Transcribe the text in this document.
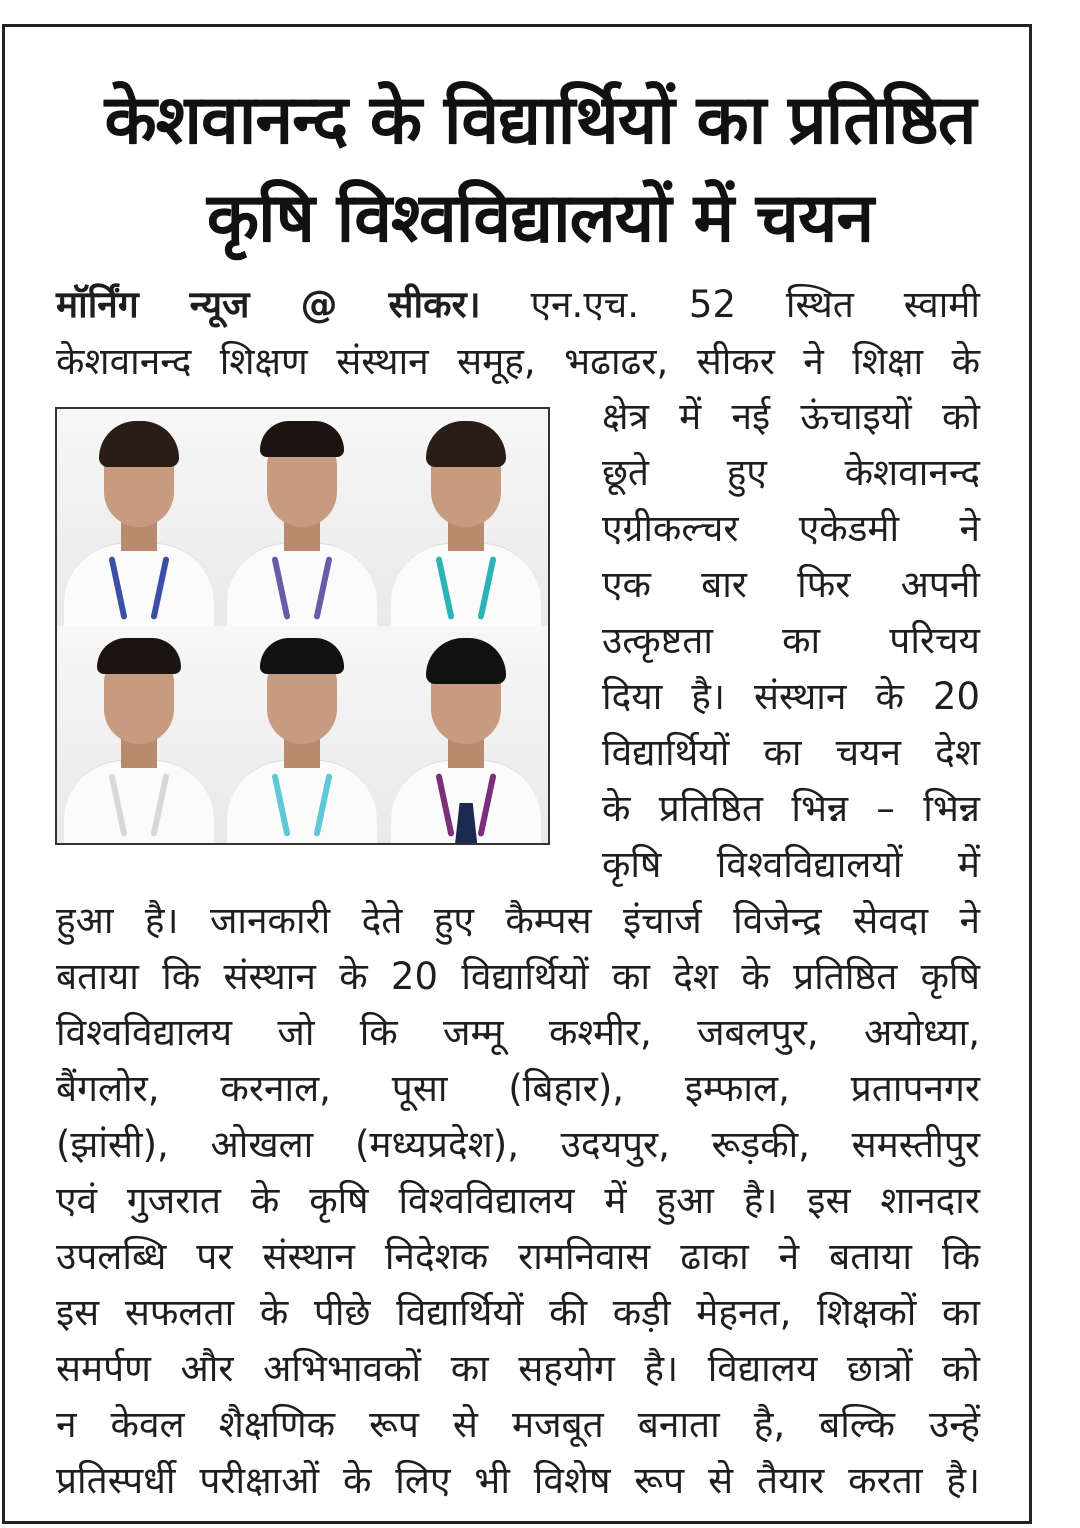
केशवानन्द के विद्यार्थियों का प्रतिष्ठित
कृषि विश्वविद्यालयों में चयन
मॉर्निंग न्यूज @ सीकर। एन.एच. 52 स्थित स्वामी
केशवानन्द शिक्षण संस्थान समूह, भढाढर, सीकर ने शिक्षा के
क्षेत्र में नई ऊंचाइयों को
छूते हुए केशवानन्द
एग्रीकल्चर एकेडमी ने
एक बार फिर अपनी
उत्कृष्टता का परिचय
दिया है। संस्थान के 20
विद्यार्थियों का चयन देश
के प्रतिष्ठित भिन्न – भिन्न
कृषि विश्वविद्यालयों में
हुआ है। जानकारी देते हुए कैम्पस इंचार्ज विजेन्द्र सेवदा ने
बताया कि संस्थान के 20 विद्यार्थियों का देश के प्रतिष्ठित कृषि
विश्वविद्यालय जो कि जम्मू कश्मीर, जबलपुर, अयोध्या,
बैंगलोर, करनाल, पूसा (बिहार), इम्फाल, प्रतापनगर
(झांसी), ओखला (मध्यप्रदेश), उदयपुर, रूड़की, समस्तीपुर
एवं गुजरात के कृषि विश्वविद्यालय में हुआ है। इस शानदार
उपलब्धि पर संस्थान निदेशक रामनिवास ढाका ने बताया कि
इस सफलता के पीछे विद्यार्थियों की कड़ी मेहनत, शिक्षकों का
समर्पण और अभिभावकों का सहयोग है। विद्यालय छात्रों को
न केवल शैक्षणिक रूप से मजबूत बनाता है, बल्कि उन्हें
प्रतिस्पर्धी परीक्षाओं के लिए भी विशेष रूप से तैयार करता है।
